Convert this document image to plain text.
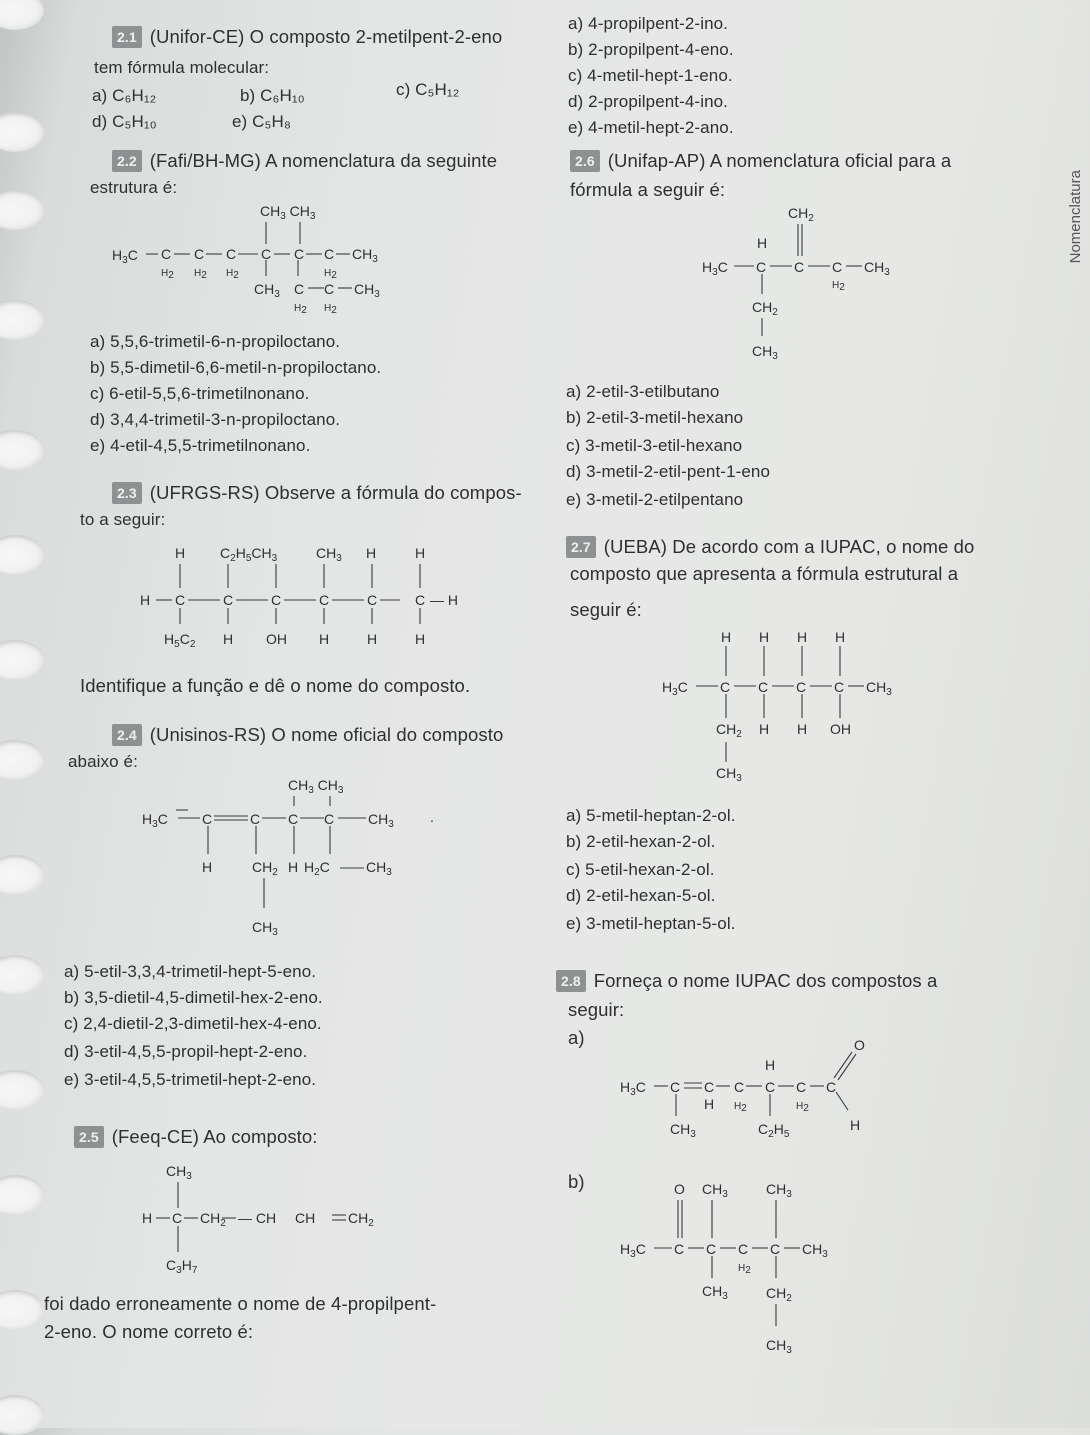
Nomenclatura
2.1 (Unifor-CE) O composto 2-metilpent-2-eno
tem fórmula molecular:
a) C₆H₁₂	b) C₆H₁₀	c) C₅H₁₂
d) C₅H₁₀	e) C₅H₈
a) 4-propilpent-2-ino.
b) 2-propilpent-4-eno.
c) 4-metil-hept-1-eno.
d) 2-propilpent-4-ino.
e) 4-metil-hept-2-ano.
2.2 (Fafi/BH-MG) A nomenclatura da seguinte
estrutura é:
$CH_3$ $CH_3$
$H_3C$ C
H2
C
H2
C
H2
C C C
H2
$CH_3$
$CH_3$ C
H2
C
H2
$CH_3$
a) 5,5,6-trimetil-6-n-propiloctano.
b) 5,5-dimetil-6,6-metil-n-propiloctano.
c) 6-etil-5,5,6-trimetilnonano.
d) 3,4,4-trimetil-3-n-propiloctano.
e) 4-etil-4,5,5-trimetilnonano.
2.3 (UFRGS-RS) Observe a fórmula do compos-
to a seguir:
H $C_2H_5CH_3$	$CH_3$ H	H
H C	C	C	C	C	C — H
$H_5C_2$ H OH H	H	H
Identifique a função e dê o nome do composto.
2.4 (Unisinos-RS) O nome oficial do composto
abaixo é:
$CH_3$ $CH_3$
$H_3C$ C	C C C $CH_3$	.
H	$CH_2$ H $H_2C$	$CH_3$
$CH_3$
a) 5-etil-3,3,4-trimetil-hept-5-eno.
b) 3,5-dietil-4,5-dimetil-hex-2-eno.
c) 2,4-dietil-2,3-dimetil-hex-4-eno.
d) 3-etil-4,5,5-propil-hept-2-eno.
e) 3-etil-4,5,5-trimetil-hept-2-eno.
2.5 (Feeq-CE) Ao composto:
$CH_3$
H C $CH_2$ — CH	$CH_2$
CH
$C_3H_7$
foi dado erroneamente o nome de 4-propilpent-
2-eno. O nome correto é:
2.6 (Unifap-AP) A nomenclatura oficial para a
fórmula a seguir é:
$CH_2$
H
$H_3C$ C C C
H2
$CH_3$
$CH_2$
$CH_3$
a) 2-etil-3-etilbutano
b) 2-etil-3-metil-hexano
c) 3-metil-3-etil-hexano
d) 3-metil-2-etil-pent-1-eno
e) 3-metil-2-etilpentano
2.7 (UEBA) De acordo com a IUPAC, o nome do
composto que apresenta a fórmula estrutural a
seguir é:
H H H H
$H_3C$ C C C C $CH_3$
$CH_2$ H H OH
$CH_3$
a) 5-metil-heptan-2-ol.
b) 2-etil-hexan-2-ol.
c) 5-etil-hexan-2-ol.
d) 2-etil-hexan-5-ol.
e) 3-metil-heptan-5-ol.
2.8 Forneça o nome IUPAC dos compostos a
seguir:
a)
$H_3C$ C C
H
C
H2
H
C C
H2
C
O
$CH_3$	$C_2H_5$
H
b)	O $CH_3$	$CH_3$
$H_3C$ C C C
H2
C $CH_3$
$CH_3$	$CH_2$
$CH_3$
